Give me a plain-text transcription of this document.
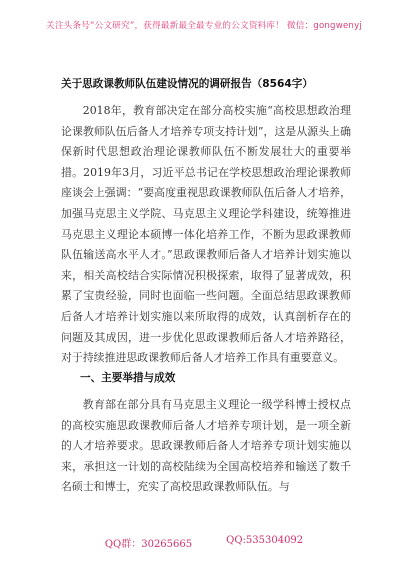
关注头条号“公文研究”，获得最新最全最专业的公文资料库！ 微信：gongwenyj
关于思政课教师队伍建设情况的调研报告（8564字）

2018年，教育部决定在部分高校实施“高校思想政治理论课教师队伍后备人才培养专项支持计划”，这是从源头上确保新时代思想政治理论课教师队伍不断发展壮大的重要举措。2019年3月，习近平总书记在学校思想政治理论课教师座谈会上强调：“要高度重视思政课教师队伍后备人才培养，加强马克思主义学院、马克思主义理论学科建设，统筹推进马克思主义理论本硕博一体化培养工作，不断为思政课教师队伍输送高水平人才。”思政课教师后备人才培养计划实施以来，相关高校结合实际情况积极探索，取得了显著成效，积累了宝贵经验，同时也面临一些问题。全面总结思政课教师后备人才培养计划实施以来所取得的成效，认真剖析存在的问题及其成因，进一步优化思政课教师后备人才培养路径，对于持续推进思政课教师后备人才培养工作具有重要意义。

一、主要举措与成效

教育部在部分具有马克思主义理论一级学科博士授权点的高校实施思政课教师后备人才培养专项计划，是一项全新的人才培养要求。思政课教师后备人才培养专项计划实施以来，承担这一计划的高校陆续为全国高校培养和输送了数千名硕士和博士，充实了高校思政课教师队伍。与

QQ群：30265665	QQ:535304092
